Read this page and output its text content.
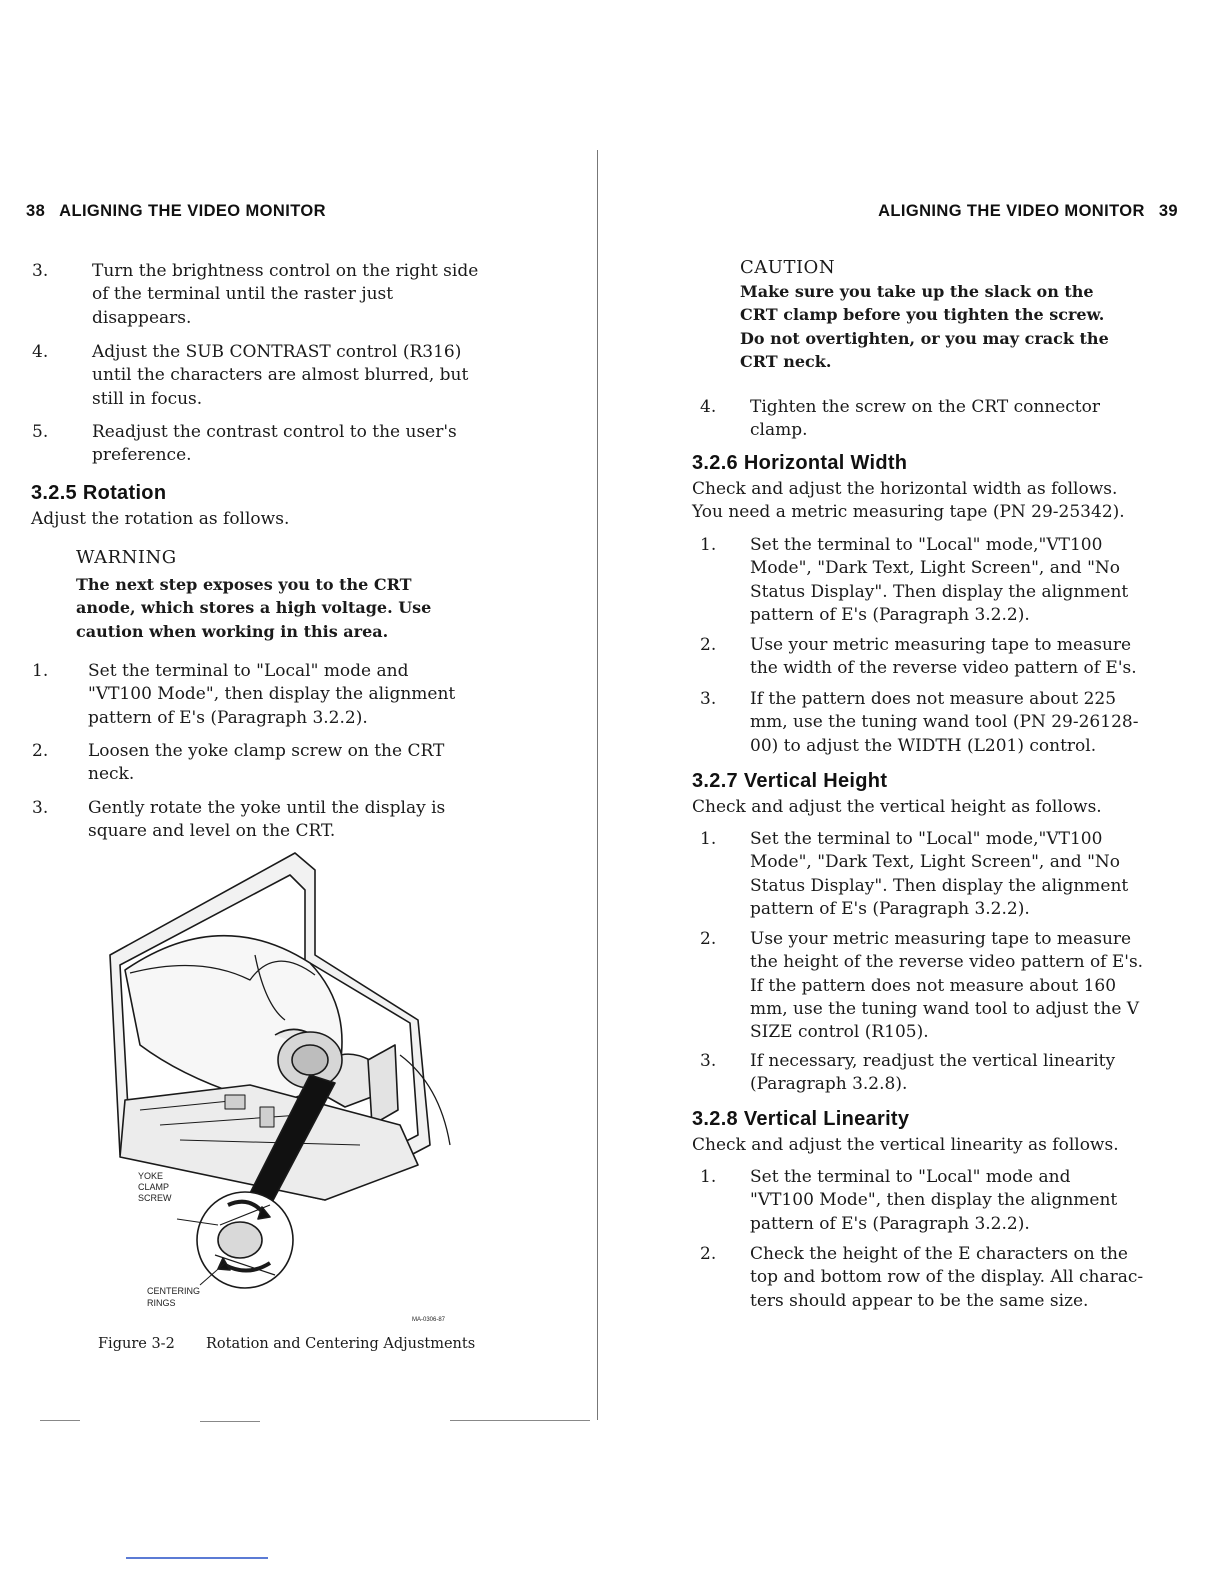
38 ALIGNING THE VIDEO MONITOR
3.	Turn the brightness control on the right side
of the terminal until the raster just
disappears.
4.	Adjust the SUB CONTRAST control (R316)
until the characters are almost blurred, but
still in focus.
5.	Readjust the contrast control to the user's
preference.
3.2.5 Rotation
Adjust the rotation as follows.
WARNING
The next step exposes you to the CRT
anode, which stores a high voltage. Use
caution when working in this area.
1. Set the terminal to "Local" mode and
"VT100 Mode", then display the alignment
pattern of E's (Paragraph 3.2.2).
2. Loosen the yoke clamp screw on the CRT
neck.
3. Gently rotate the yoke until the display is
square and level on the CRT.
YOKE
CLAMP
SCREW
CENTERING
RINGS
MA-0306-87
Figure 3-2 Rotation and Centering Adjustments
ALIGNING THE VIDEO MONITOR 39
CAUTION
Make sure you take up the slack on the
CRT clamp before you tighten the screw.
Do not overtighten, or you may crack the
CRT neck.
4. Tighten the screw on the CRT connector
clamp.
3.2.6 Horizontal Width
Check and adjust the horizontal width as follows.
You need a metric measuring tape (PN 29-25342).
1. Set the terminal to "Local" mode,"VT100
Mode", "Dark Text, Light Screen", and "No
Status Display". Then display the alignment
pattern of E's (Paragraph 3.2.2).
2. Use your metric measuring tape to measure
the width of the reverse video pattern of E's.
3. If the pattern does not measure about 225
mm, use the tuning wand tool (PN 29-26128-
00) to adjust the WIDTH (L201) control.
3.2.7 Vertical Height
Check and adjust the vertical height as follows.
1. Set the terminal to "Local" mode,"VT100
Mode", "Dark Text, Light Screen", and "No
Status Display". Then display the alignment
pattern of E's (Paragraph 3.2.2).
2. Use your metric measuring tape to measure
the height of the reverse video pattern of E's.
If the pattern does not measure about 160
mm, use the tuning wand tool to adjust the V
SIZE control (R105).
3. If necessary, readjust the vertical linearity
(Paragraph 3.2.8).
3.2.8 Vertical Linearity
Check and adjust the vertical linearity as follows.
1. Set the terminal to "Local" mode and
"VT100 Mode", then display the alignment
pattern of E's (Paragraph 3.2.2).
2. Check the height of the E characters on the
top and bottom row of the display. All charac-
ters should appear to be the same size.
